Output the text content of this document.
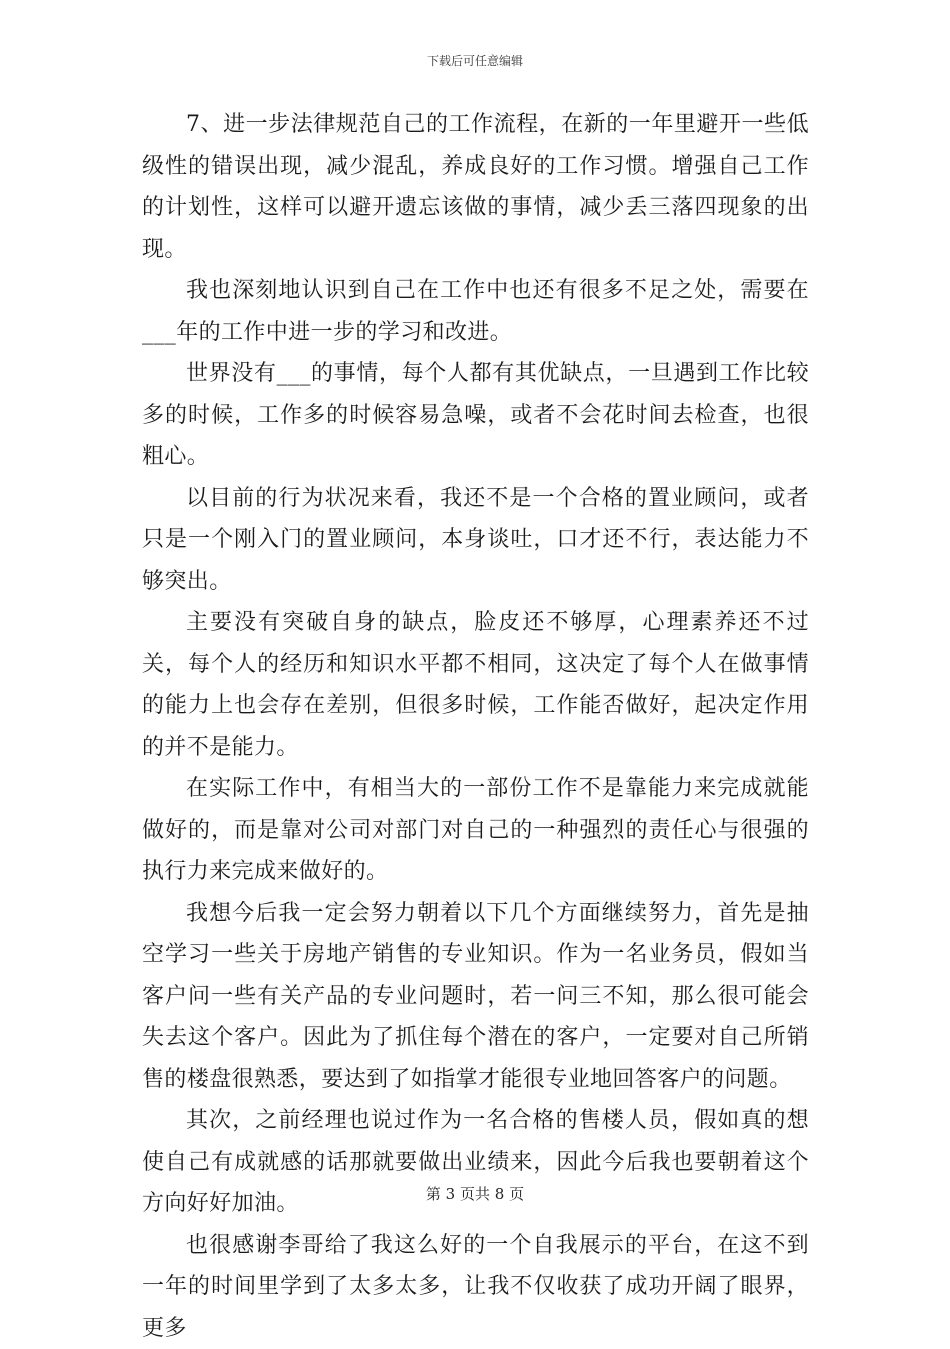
下载后可任意编辑

7、进一步法律规范自己的工作流程，在新的一年里避开一些低级性的错误出现，减少混乱，养成良好的工作习惯。增强自己工作的计划性，这样可以避开遗忘该做的事情，减少丢三落四现象的出现。

我也深刻地认识到自己在工作中也还有很多不足之处，需要在___年的工作中进一步的学习和改进。

世界没有___的事情，每个人都有其优缺点，一旦遇到工作比较多的时候，工作多的时候容易急噪，或者不会花时间去检查，也很粗心。

以目前的行为状况来看，我还不是一个合格的置业顾问，或者只是一个刚入门的置业顾问，本身谈吐，口才还不行，表达能力不够突出。

主要没有突破自身的缺点，脸皮还不够厚，心理素养还不过关，每个人的经历和知识水平都不相同，这决定了每个人在做事情的能力上也会存在差别，但很多时候，工作能否做好，起决定作用的并不是能力。

在实际工作中，有相当大的一部份工作不是靠能力来完成就能做好的，而是靠对公司对部门对自己的一种强烈的责任心与很强的执行力来完成来做好的。

我想今后我一定会努力朝着以下几个方面继续努力，首先是抽空学习一些关于房地产销售的专业知识。作为一名业务员，假如当客户问一些有关产品的专业问题时，若一问三不知，那么很可能会失去这个客户。因此为了抓住每个潜在的客户，一定要对自己所销售的楼盘很熟悉，要达到了如指掌才能很专业地回答客户的问题。

其次，之前经理也说过作为一名合格的售楼人员，假如真的想使自己有成就感的话那就要做出业绩来，因此今后我也要朝着这个方向好好加油。

也很感谢李哥给了我这么好的一个自我展示的平台，在这不到一年的时间里学到了太多太多，让我不仅收获了成功开阔了眼界，更多

第 3 页共 8 页
